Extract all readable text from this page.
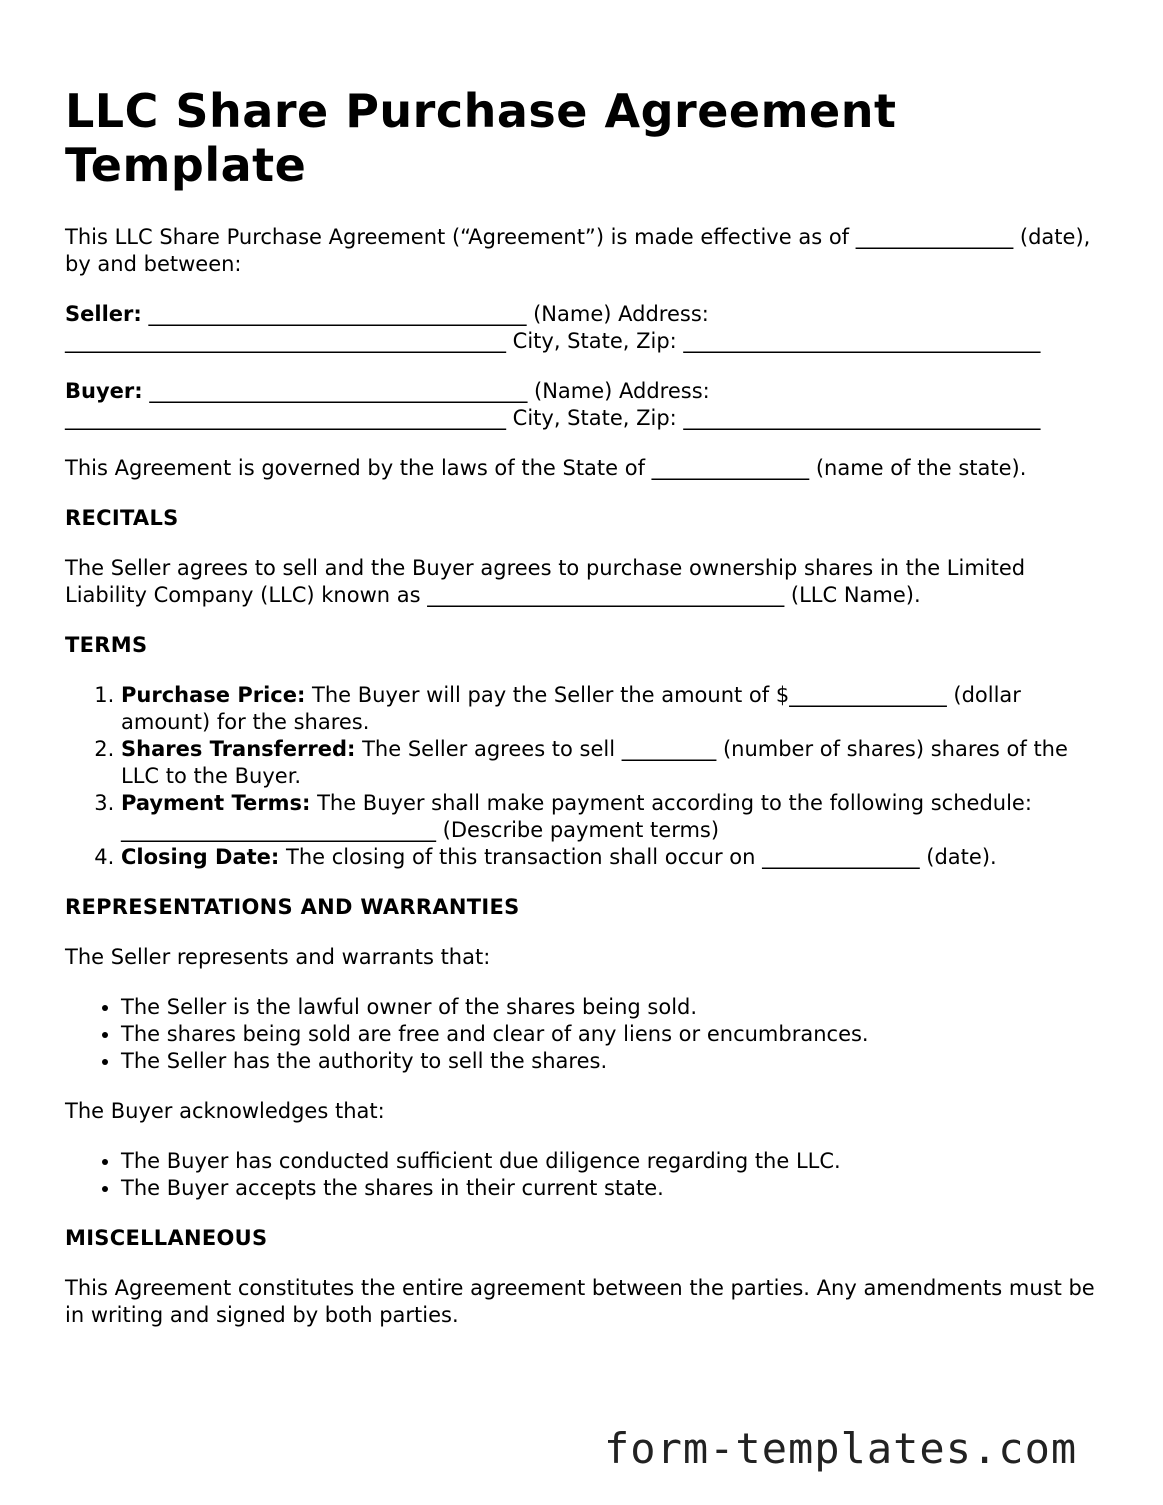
LLC Share Purchase Agreement Template

This LLC Share Purchase Agreement (“Agreement”) is made effective as of _______________ (date), by and between:

Seller: ____________________________________ (Name) Address: __________________________________________ City, State, Zip: __________________________________

Buyer: ____________________________________ (Name) Address: __________________________________________ City, State, Zip: __________________________________

This Agreement is governed by the laws of the State of _______________ (name of the state).

RECITALS

The Seller agrees to sell and the Buyer agrees to purchase ownership shares in the Limited Liability Company (LLC) known as __________________________________ (LLC Name).

TERMS
1. Purchase Price: The Buyer will pay the Seller the amount of $_______________ (dollar amount) for the shares.
2. Shares Transferred: The Seller agrees to sell _________ (number of shares) shares of the LLC to the Buyer.
3. Payment Terms: The Buyer shall make payment according to the following schedule: ______________________________ (Describe payment terms)
4. Closing Date: The closing of this transaction shall occur on _______________ (date).
REPRESENTATIONS AND WARRANTIES

The Seller represents and warrants that:

• The Seller is the lawful owner of the shares being sold.
• The shares being sold are free and clear of any liens or encumbrances.
• The Seller has the authority to sell the shares.

The Buyer acknowledges that:

• The Buyer has conducted sufficient due diligence regarding the LLC.
• The Buyer accepts the shares in their current state.
MISCELLANEOUS

This Agreement constitutes the entire agreement between the parties. Any amendments must be in writing and signed by both parties.

form-templates.com
